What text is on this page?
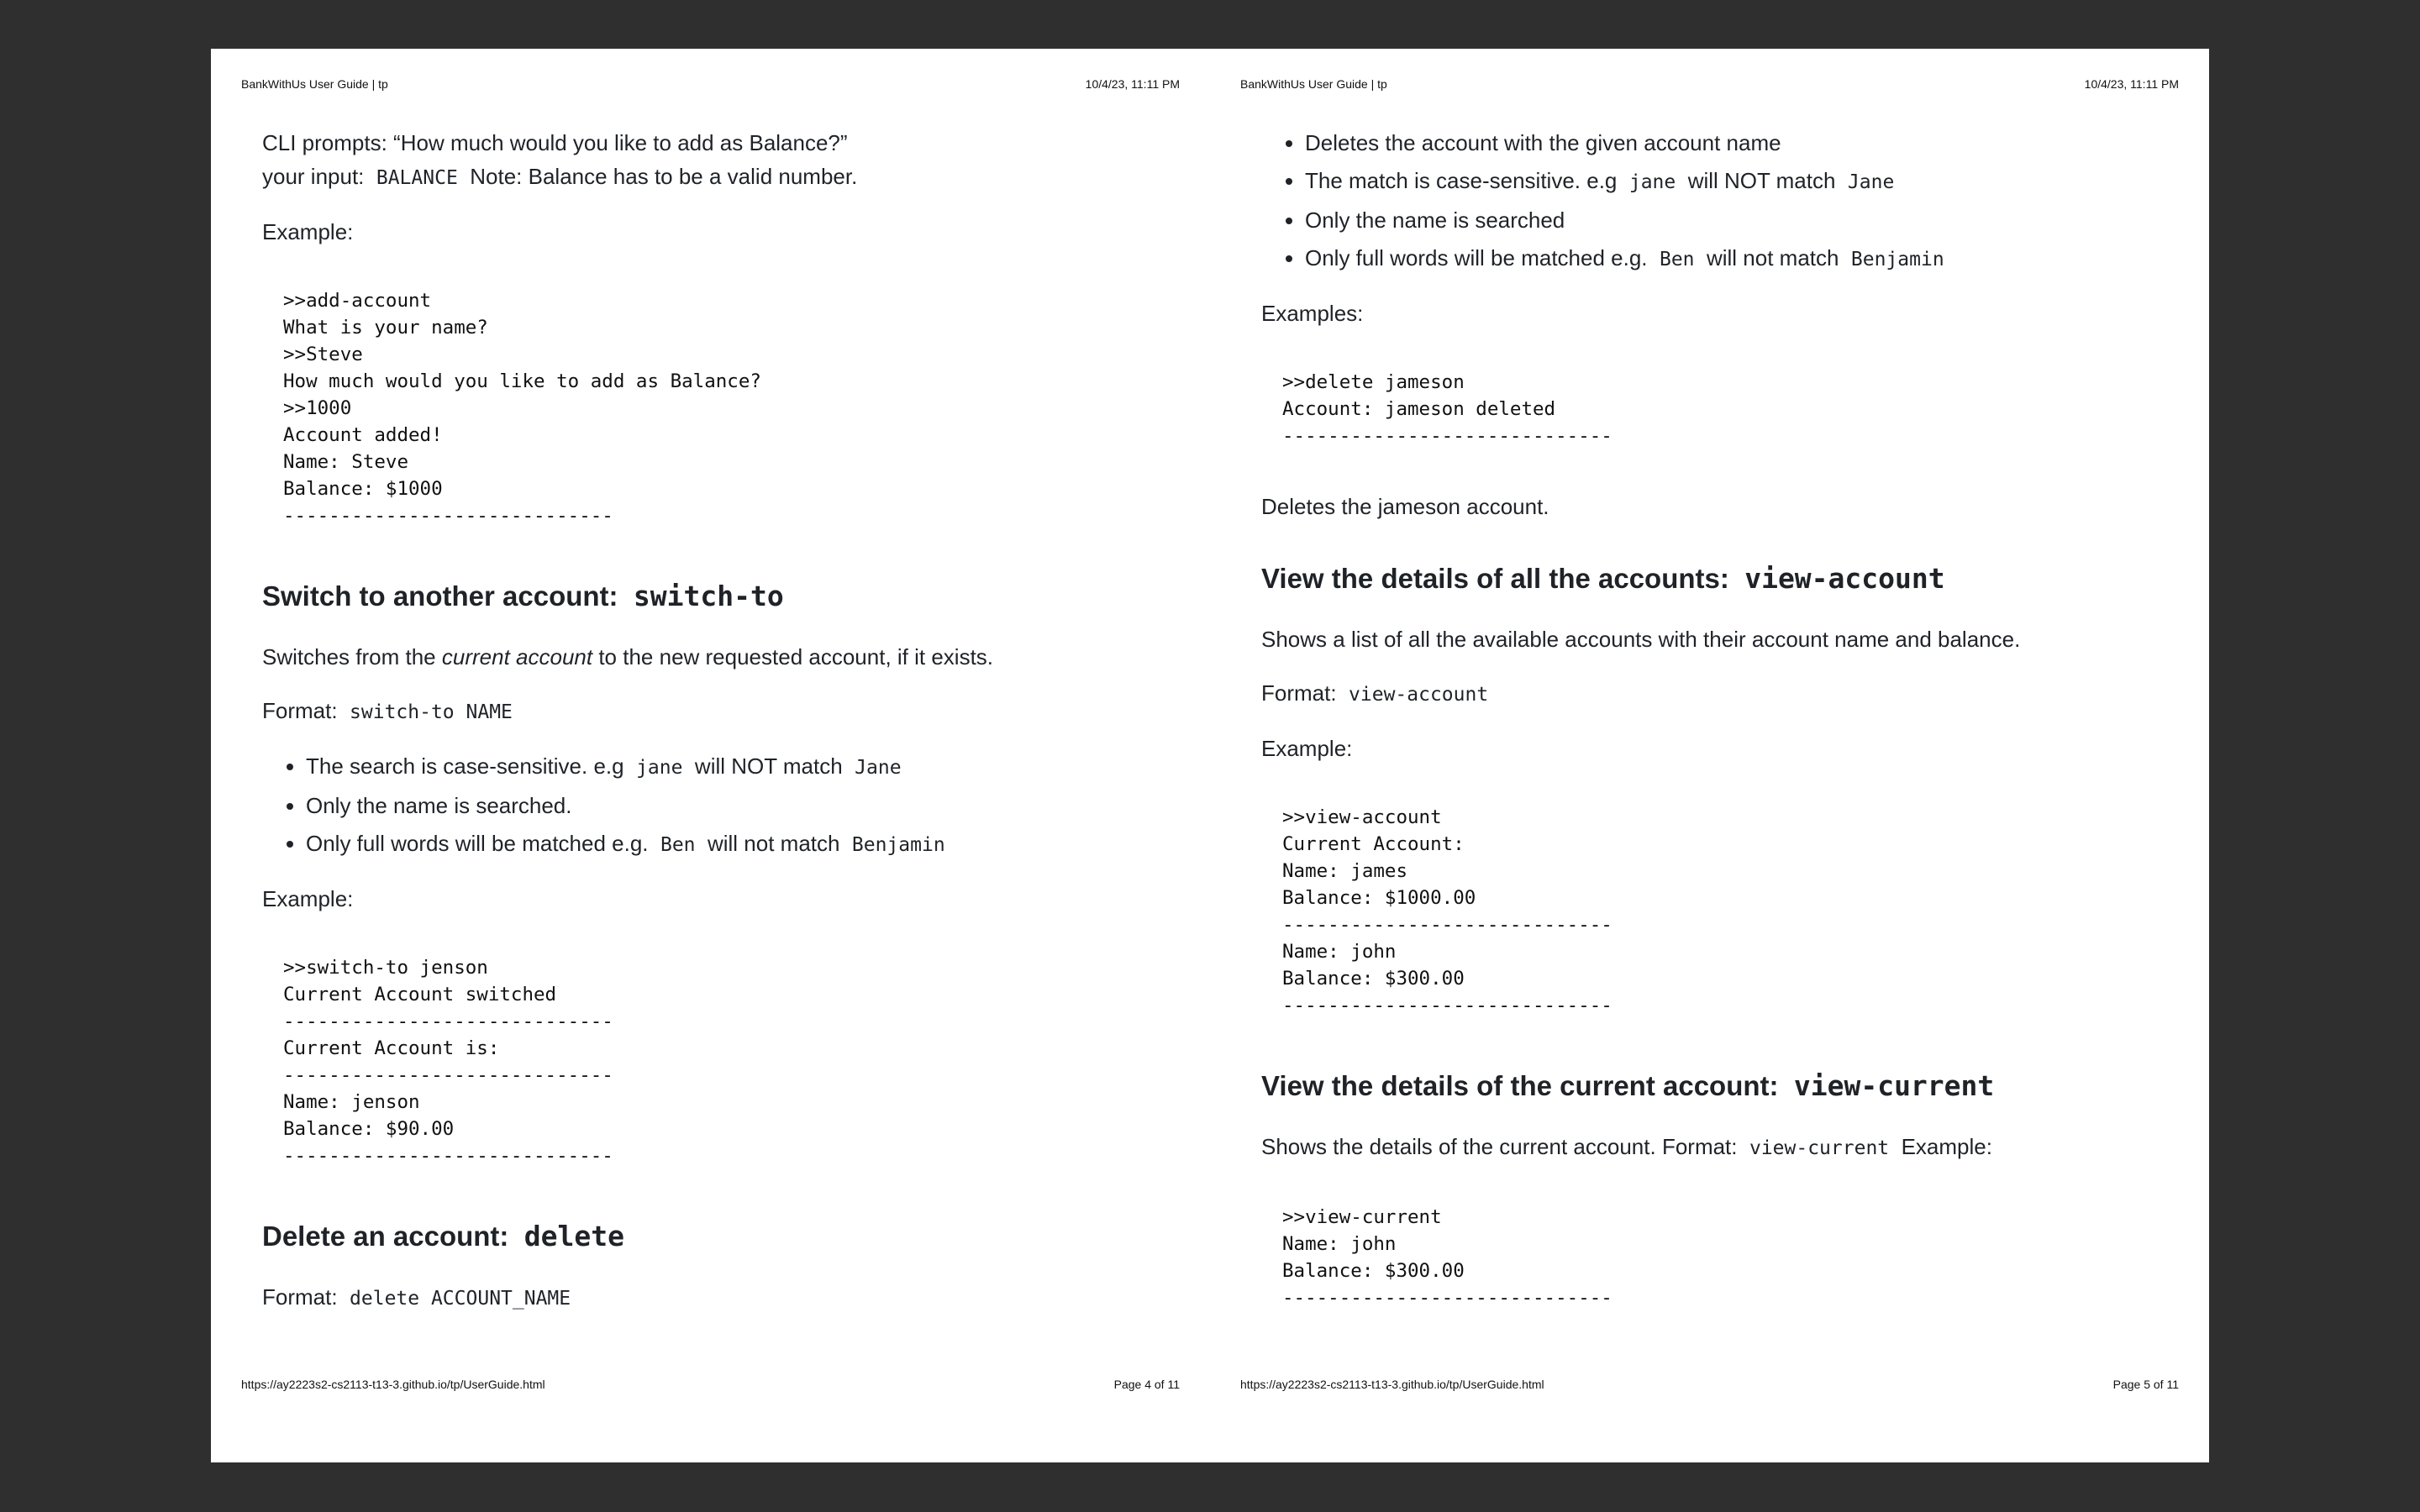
BankWithUs User Guide | tp	10/4/23, 11:11 PM
CLI prompts: “How much would you like to add as Balance?”

your input: BALANCE Note: Balance has to be a valid number.

Example:

>>add-account
What is your name?
>>Steve
How much would you like to add as Balance?
>>1000
Account added!
Name: Steve
Balance: $1000
-----------------------------
Switch to another account: switch-to

Switches from the current account to the new requested account, if it exists.

Format: switch-to NAME

• The search is case-sensitive. e.g jane will NOT match Jane
• Only the name is searched.
• Only full words will be matched e.g. Ben will not match Benjamin

Example:

>>switch-to jenson
Current Account switched
-----------------------------
Current Account is:
-----------------------------
Name: jenson
Balance: $90.00
-----------------------------
Delete an account: delete

Format: delete ACCOUNT_NAME

https://ay2223s2-cs2113-t13-3.github.io/tp/UserGuide.html	Page 4 of 11
BankWithUs User Guide | tp	10/4/23, 11:11 PM
• Deletes the account with the given account name
• The match is case-sensitive. e.g jane will NOT match Jane
• Only the name is searched
• Only full words will be matched e.g. Ben will not match Benjamin

Examples:

>>delete jameson
Account: jameson deleted
-----------------------------

Deletes the jameson account.

View the details of all the accounts: view-account

Shows a list of all the available accounts with their account name and balance.

Format: view-account

Example:

>>view-account
Current Account:
Name: james
Balance: $1000.00
-----------------------------
Name: john
Balance: $300.00
-----------------------------
View the details of the current account: view-current

Shows the details of the current account. Format: view-current Example:

>>view-current
Name: john
Balance: $300.00
-----------------------------
https://ay2223s2-cs2113-t13-3.github.io/tp/UserGuide.html	Page 5 of 11
